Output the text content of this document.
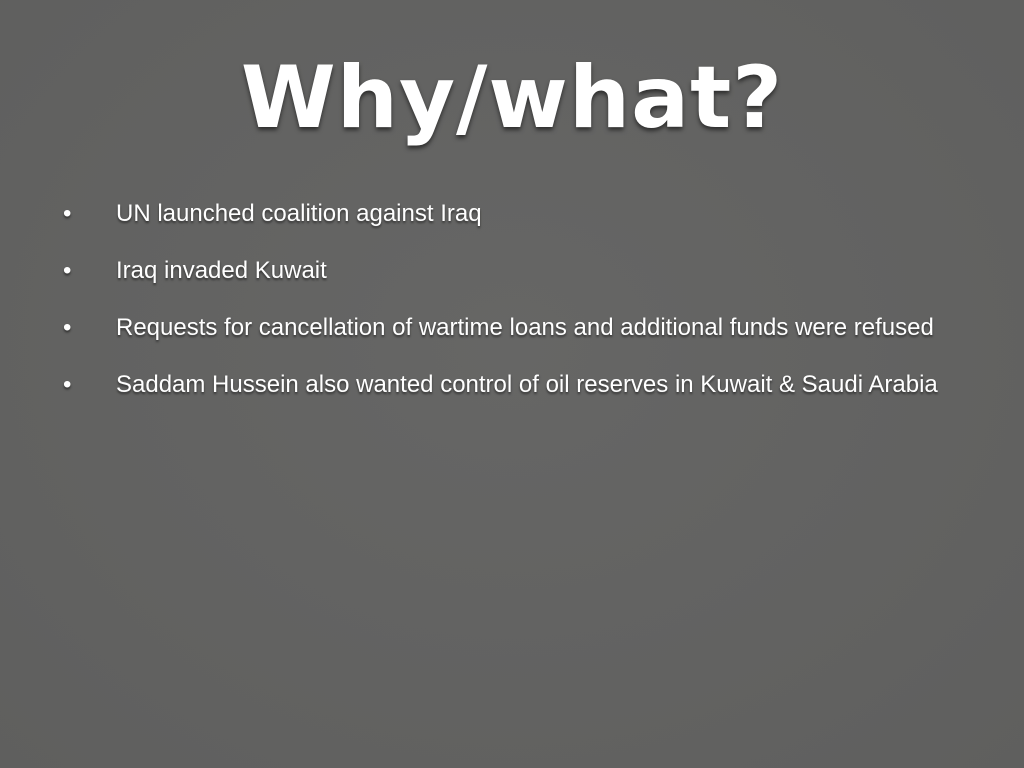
Why/what?
• UN launched coalition against Iraq
• Iraq invaded Kuwait
• Requests for cancellation of wartime loans and additional funds were refused
• Saddam Hussein also wanted control of oil reserves in Kuwait & Saudi Arabia
